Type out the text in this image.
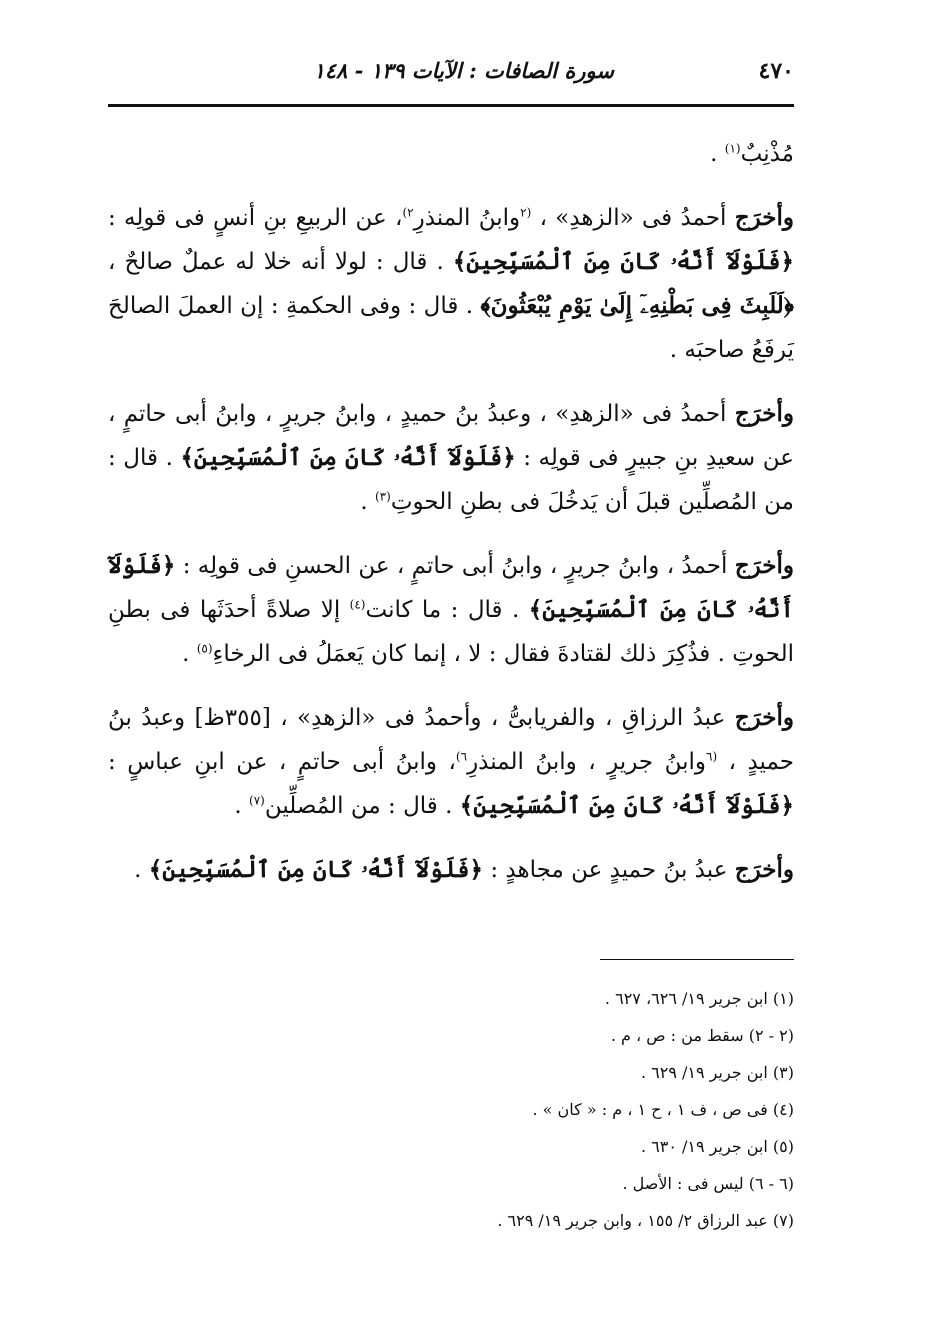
٤٧٠
سورة الصافات : الآيات ١٣٩ - ١٤٨

مُذْنِبٌ$^{(١)}$ .

وأخرَج أحمدُ فى «الزهدِ» ، $^{(٢}$وابنُ المنذرِ$^{٢)}$، عن الربيعِ بنِ أنسٍ فى قولِه : ﴿فَلَوْلَآ أَنَّهُۥ كَانَ مِنَ ٱلْمُسَبِّحِينَ﴾ . قال : لولا أنه خلا له عملٌ صالحٌ ، ﴿لَلَبِثَ فِى بَطْنِهِۦٓ إِلَىٰ يَوْمِ يُبْعَثُونَ﴾ . قال : وفى الحكمةِ : إن العملَ الصالحَ يَرفَعُ صاحبَه .

وأخرَج أحمدُ فى «الزهدِ» ، وعبدُ بنُ حميدٍ ، وابنُ جريرٍ ، وابنُ أبى حاتمٍ ، عن سعيدِ بنِ جبيرٍ فى قولِه : ﴿فَلَوْلَآ أَنَّهُۥ كَانَ مِنَ ٱلْمُسَبِّحِينَ﴾ . قال : من المُصلِّين قبلَ أن يَدخُلَ فى بطنِ الحوتِ$^{(٣)}$ .

وأخرَج أحمدُ ، وابنُ جريرٍ ، وابنُ أبى حاتمٍ ، عن الحسنِ فى قولِه : ﴿فَلَوْلَآ أَنَّهُۥ كَانَ مِنَ ٱلْمُسَبِّحِينَ﴾ . قال : ما كانت$^{(٤)}$ إلا صلاةً أحدَثَها فى بطنِ الحوتِ . فذُكِرَ ذلك لقتادةَ فقال : لا ، إنما كان يَعمَلُ فى الرخاءِ$^{(٥)}$ .

وأخرَج عبدُ الرزاقِ ، والفريابىُّ ، وأحمدُ فى «الزهدِ» ، [٣٥٥ظ] وعبدُ بنُ حميدٍ ، $^{(٦}$وابنُ جريرٍ ، وابنُ المنذرِ$^{٦)}$، وابنُ أبى حاتمٍ ، عن ابنِ عباسٍ : ﴿فَلَوْلَآ أَنَّهُۥ كَانَ مِنَ ٱلْمُسَبِّحِينَ﴾ . قال : من المُصلِّين$^{(٧)}$ .

وأخرَج عبدُ بنُ حميدٍ عن مجاهدٍ : ﴿فَلَوْلَآ أَنَّهُۥ كَانَ مِنَ ٱلْمُسَبِّحِينَ﴾ .

(١) ابن جرير ١٩/ ٦٢٦، ٦٢٧ .

(٢ - ٢) سقط من : ص ، م .

(٣) ابن جرير ١٩/ ٦٢٩ .

(٤) فى ص ، ف ١ ، ح ١ ، م : « كان » .

(٥) ابن جرير ١٩/ ٦٣٠ .

(٦ - ٦) ليس فى : الأصل .

(٧) عبد الرزاق ٢/ ١٥٥ ، وابن جرير ١٩/ ٦٢٩ .
